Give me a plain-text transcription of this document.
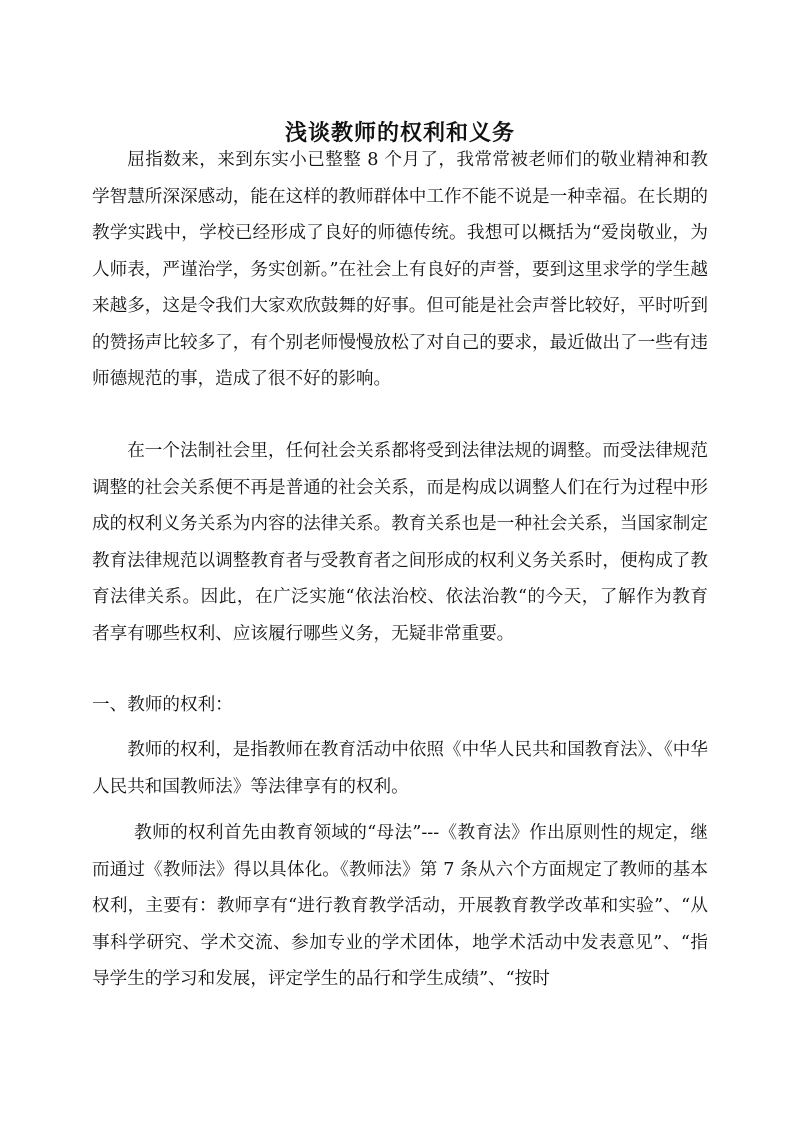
浅谈教师的权利和义务

屈指数来，来到东实小已整整 8 个月了，我常常被老师们的敬业精神和教学智慧所深深感动，能在这样的教师群体中工作不能不说是一种幸福。在长期的教学实践中，学校已经形成了良好的师德传统。我想可以概括为“爱岗敬业，为人师表，严谨治学，务实创新。”在社会上有良好的声誉，要到这里求学的学生越来越多，这是令我们大家欢欣鼓舞的好事。但可能是社会声誉比较好，平时听到的赞扬声比较多了，有个别老师慢慢放松了对自己的要求，最近做出了一些有违师德规范的事，造成了很不好的影响。

在一个法制社会里，任何社会关系都将受到法律法规的调整。而受法律规范调整的社会关系便不再是普通的社会关系，而是构成以调整人们在行为过程中形成的权利义务关系为内容的法律关系。教育关系也是一种社会关系，当国家制定教育法律规范以调整教育者与受教育者之间形成的权利义务关系时，便构成了教育法律关系。因此，在广泛实施“依法治校、依法治教“的今天，了解作为教育者享有哪些权利、应该履行哪些义务，无疑非常重要。

一、教师的权利：

教师的权利，是指教师在教育活动中依照《中华人民共和国教育法》、《中华人民共和国教师法》等法律享有的权利。

教师的权利首先由教育领域的“母法”---《教育法》作出原则性的规定，继而通过《教师法》得以具体化。《教师法》第 7 条从六个方面规定了教师的基本权利，主要有：教师享有“进行教育教学活动，开展教育教学改革和实验”、“从事科学研究、学术交流、参加专业的学术团体，地学术活动中发表意见”、“指导学生的学习和发展，评定学生的品行和学生成绩”、“按时
